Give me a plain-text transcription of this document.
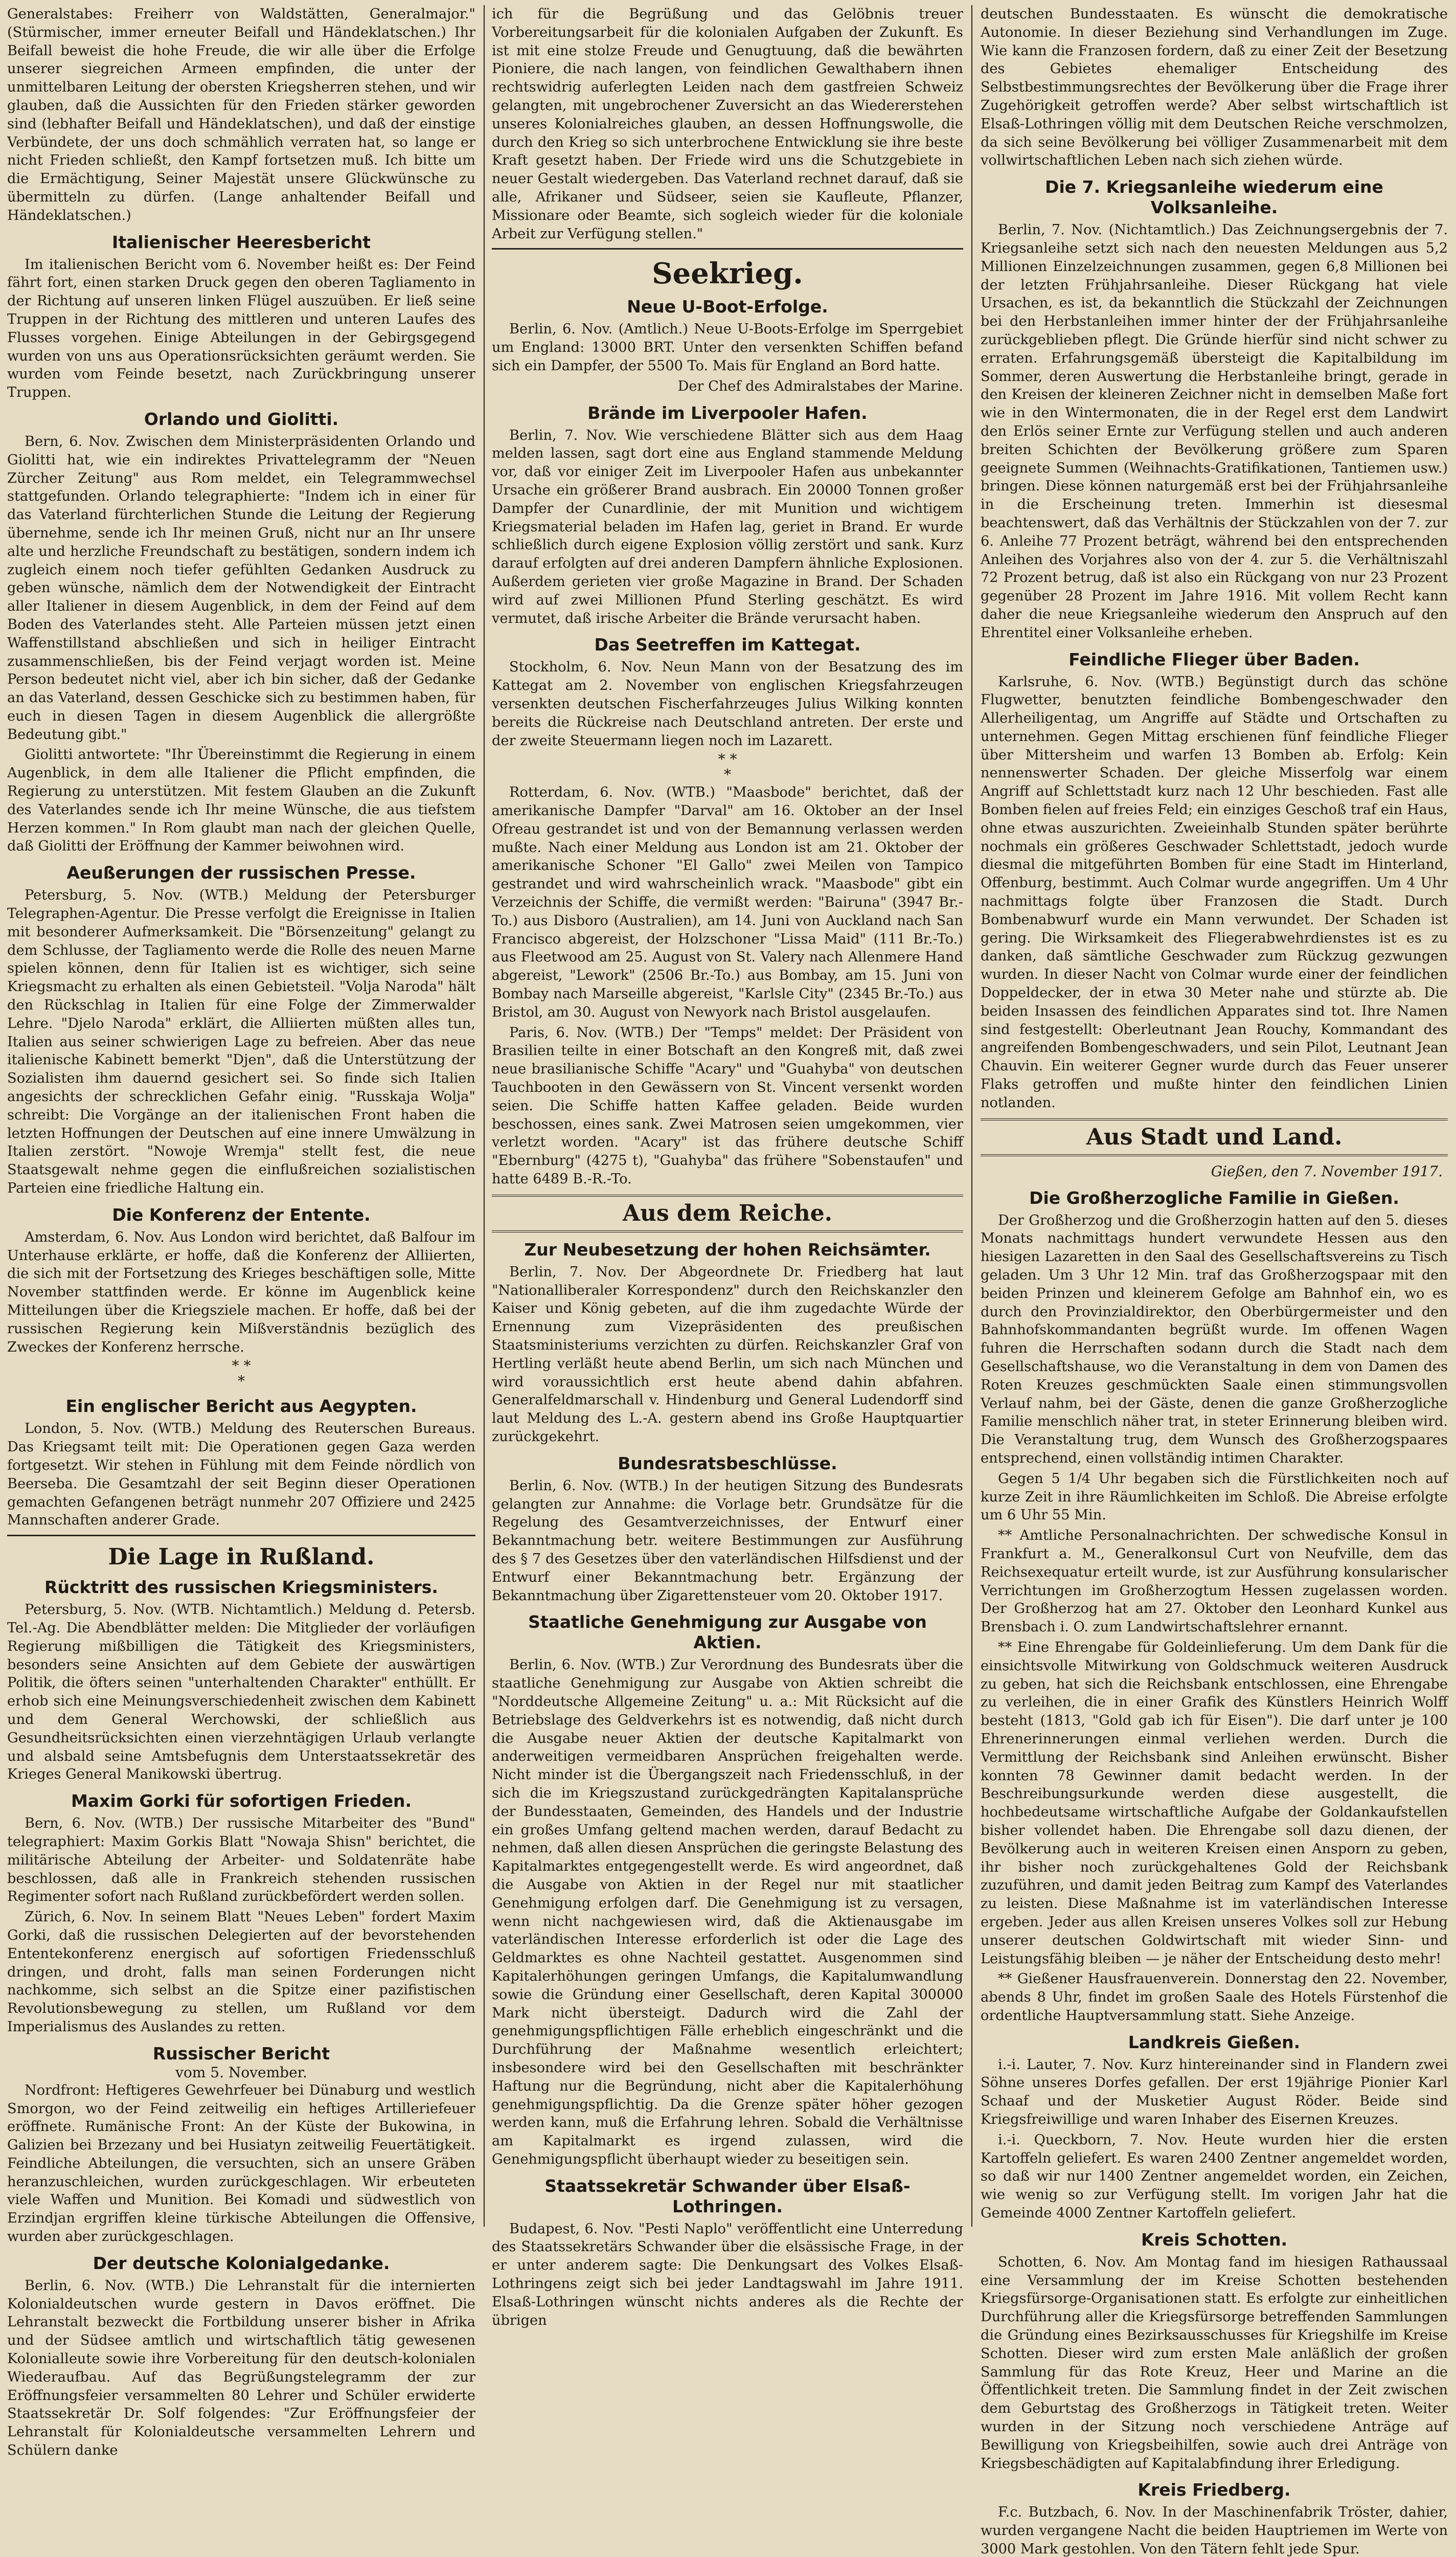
Generalstabes: Freiherr von Waldstätten, Generalmajor." (Stürmischer, immer erneuter Beifall und Händeklatschen.) Ihr Beifall beweist die hohe Freude, die wir alle über die Erfolge unserer siegreichen Armeen empfinden, die unter der unmittelbaren Leitung der obersten Kriegsherren stehen, und wir glauben, daß die Aussichten für den Frieden stärker geworden sind (lebhafter Beifall und Händeklatschen), und daß der einstige Verbündete, der uns doch schmählich verraten hat, so lange er nicht Frieden schließt, den Kampf fortsetzen muß. Ich bitte um die Ermächtigung, Seiner Majestät unsere Glückwünsche zu übermitteln zu dürfen. (Lange anhaltender Beifall und Händeklatschen.)

Italienischer Heeresbericht

Im italienischen Bericht vom 6. November heißt es: Der Feind fährt fort, einen starken Druck gegen den oberen Tagliamento in der Richtung auf unseren linken Flügel auszuüben. Er ließ seine Truppen in der Richtung des mittleren und unteren Laufes des Flusses vorgehen. Einige Abteilungen in der Gebirgsgegend wurden von uns aus Operationsrücksichten geräumt werden. Sie wurden vom Feinde besetzt, nach Zurückbringung unserer Truppen.

Orlando und Giolitti.

Bern, 6. Nov. Zwischen dem Ministerpräsidenten Orlando und Giolitti hat, wie ein indirektes Privattelegramm der "Neuen Zürcher Zeitung" aus Rom meldet, ein Telegrammwechsel stattgefunden. Orlando telegraphierte: "Indem ich in einer für das Vaterland fürchterlichen Stunde die Leitung der Regierung übernehme, sende ich Ihr meinen Gruß, nicht nur an Ihr unsere alte und herzliche Freundschaft zu bestätigen, sondern indem ich zugleich einem noch tiefer gefühlten Gedanken Ausdruck zu geben wünsche, nämlich dem der Notwendigkeit der Eintracht aller Italiener in diesem Augenblick, in dem der Feind auf dem Boden des Vaterlandes steht. Alle Parteien müssen jetzt einen Waffenstillstand abschließen und sich in heiliger Eintracht zusammenschließen, bis der Feind verjagt worden ist. Meine Person bedeutet nicht viel, aber ich bin sicher, daß der Gedanke an das Vaterland, dessen Geschicke sich zu bestimmen haben, für euch in diesen Tagen in diesem Augenblick die allergrößte Bedeutung gibt."

Giolitti antwortete: "Ihr Übereinstimmt die Regierung in einem Augenblick, in dem alle Italiener die Pflicht empfinden, die Regierung zu unterstützen. Mit festem Glauben an die Zukunft des Vaterlandes sende ich Ihr meine Wünsche, die aus tiefstem Herzen kommen." In Rom glaubt man nach der gleichen Quelle, daß Giolitti der Eröffnung der Kammer beiwohnen wird.

Aeußerungen der russischen Presse.

Petersburg, 5. Nov. (WTB.) Meldung der Petersburger Telegraphen-Agentur. Die Presse verfolgt die Ereignisse in Italien mit besonderer Aufmerksamkeit. Die "Börsenzeitung" gelangt zu dem Schlusse, der Tagliamento werde die Rolle des neuen Marne spielen können, denn für Italien ist es wichtiger, sich seine Kriegsmacht zu erhalten als einen Gebietsteil. "Volja Naroda" hält den Rückschlag in Italien für eine Folge der Zimmerwalder Lehre. "Djelo Naroda" erklärt, die Alliierten müßten alles tun, Italien aus seiner schwierigen Lage zu befreien. Aber das neue italienische Kabinett bemerkt "Djen", daß die Unterstützung der Sozialisten ihm dauernd gesichert sei. So finde sich Italien angesichts der schrecklichen Gefahr einig. "Russkaja Wolja" schreibt: Die Vorgänge an der italienischen Front haben die letzten Hoffnungen der Deutschen auf eine innere Umwälzung in Italien zerstört. "Nowoje Wremja" stellt fest, die neue Staatsgewalt nehme gegen die einflußreichen sozialistischen Parteien eine friedliche Haltung ein.

Die Konferenz der Entente.

Amsterdam, 6. Nov. Aus London wird berichtet, daß Balfour im Unterhause erklärte, er hoffe, daß die Konferenz der Alliierten, die sich mit der Fortsetzung des Krieges beschäftigen solle, Mitte November stattfinden werde. Er könne im Augenblick keine Mitteilungen über die Kriegsziele machen. Er hoffe, daß bei der russischen Regierung kein Mißverständnis bezüglich des Zweckes der Konferenz herrsche.

* *
*
Ein englischer Bericht aus Aegypten.

London, 5. Nov. (WTB.) Meldung des Reuterschen Bureaus. Das Kriegsamt teilt mit: Die Operationen gegen Gaza werden fortgesetzt. Wir stehen in Fühlung mit dem Feinde nördlich von Beerseba. Die Gesamtzahl der seit Beginn dieser Operationen gemachten Gefangenen beträgt nunmehr 207 Offiziere und 2425 Mannschaften anderer Grade.

Die Lage in Rußland.
Rücktritt des russischen Kriegsministers.

Petersburg, 5. Nov. (WTB. Nichtamtlich.) Meldung d. Petersb. Tel.-Ag. Die Abendblätter melden: Die Mitglieder der vorläufigen Regierung mißbilligen die Tätigkeit des Kriegsministers, besonders seine Ansichten auf dem Gebiete der auswärtigen Politik, die öfters seinen "unterhaltenden Charakter" enthüllt. Er erhob sich eine Meinungsverschiedenheit zwischen dem Kabinett und dem General Werchowski, der schließlich aus Gesundheitsrücksichten einen vierzehntägigen Urlaub verlangte und alsbald seine Amtsbefugnis dem Unterstaatssekretär des Krieges General Manikowski übertrug.

Maxim Gorki für sofortigen Frieden.

Bern, 6. Nov. (WTB.) Der russische Mitarbeiter des "Bund" telegraphiert: Maxim Gorkis Blatt "Nowaja Shisn" berichtet, die militärische Abteilung der Arbeiter- und Soldatenräte habe beschlossen, daß alle in Frankreich stehenden russischen Regimenter sofort nach Rußland zurückbefördert werden sollen.

Zürich, 6. Nov. In seinem Blatt "Neues Leben" fordert Maxim Gorki, daß die russischen Delegierten auf der bevorstehenden Ententekonferenz energisch auf sofortigen Friedensschluß dringen, und droht, falls man seinen Forderungen nicht nachkomme, sich selbst an die Spitze einer pazifistischen Revolutionsbewegung zu stellen, um Rußland vor dem Imperialismus des Auslandes zu retten.

Russischer Bericht
vom 5. November.

Nordfront: Heftigeres Gewehrfeuer bei Dünaburg und westlich Smorgon, wo der Feind zeitweilig ein heftiges Artilleriefeuer eröffnete. Rumänische Front: An der Küste der Bukowina, in Galizien bei Brzezany und bei Husiatyn zeitweilig Feuertätigkeit. Feindliche Abteilungen, die versuchten, sich an unsere Gräben heranzuschleichen, wurden zurückgeschlagen. Wir erbeuteten viele Waffen und Munition. Bei Komadi und südwestlich von Erzindjan ergriffen kleine türkische Abteilungen die Offensive, wurden aber zurückgeschlagen.

Der deutsche Kolonialgedanke.

Berlin, 6. Nov. (WTB.) Die Lehranstalt für die internierten Kolonialdeutschen wurde gestern in Davos eröffnet. Die Lehranstalt bezweckt die Fortbildung unserer bisher in Afrika und der Südsee amtlich und wirtschaftlich tätig gewesenen Kolonialleute sowie ihre Vorbereitung für den deutsch-kolonialen Wiederaufbau. Auf das Begrüßungstelegramm der zur Eröffnungsfeier versammelten 80 Lehrer und Schüler erwiderte Staatssekretär Dr. Solf folgendes: "Zur Eröffnungsfeier der Lehranstalt für Kolonialdeutsche versammelten Lehrern und Schülern danke

ich für die Begrüßung und das Gelöbnis treuer Vorbereitungsarbeit für die kolonialen Aufgaben der Zukunft. Es ist mit eine stolze Freude und Genugtuung, daß die bewährten Pioniere, die nach langen, von feindlichen Gewalthabern ihnen rechtswidrig auferlegten Leiden nach dem gastfreien Schweiz gelangten, mit ungebrochener Zuversicht an das Wiedererstehen unseres Kolonialreiches glauben, an dessen Hoffnungswolle, die durch den Krieg so sich unterbrochene Entwicklung sie ihre beste Kraft gesetzt haben. Der Friede wird uns die Schutzgebiete in neuer Gestalt wiedergeben. Das Vaterland rechnet darauf, daß sie alle, Afrikaner und Südseer, seien sie Kaufleute, Pflanzer, Missionare oder Beamte, sich sogleich wieder für die koloniale Arbeit zur Verfügung stellen."

Seekrieg.
Neue U-Boot-Erfolge.

Berlin, 6. Nov. (Amtlich.) Neue U-Boots-Erfolge im Sperrgebiet um England: 13000 BRT. Unter den versenkten Schiffen befand sich ein Dampfer, der 5500 To. Mais für England an Bord hatte.

Der Chef des Admiralstabes der Marine.

Brände im Liverpooler Hafen.

Berlin, 7. Nov. Wie verschiedene Blätter sich aus dem Haag melden lassen, sagt dort eine aus England stammende Meldung vor, daß vor einiger Zeit im Liverpooler Hafen aus unbekannter Ursache ein größerer Brand ausbrach. Ein 20000 Tonnen großer Dampfer der Cunardlinie, der mit Munition und wichtigem Kriegsmaterial beladen im Hafen lag, geriet in Brand. Er wurde schließlich durch eigene Explosion völlig zerstört und sank. Kurz darauf erfolgten auf drei anderen Dampfern ähnliche Explosionen. Außerdem gerieten vier große Magazine in Brand. Der Schaden wird auf zwei Millionen Pfund Sterling geschätzt. Es wird vermutet, daß irische Arbeiter die Brände verursacht haben.

Das Seetreffen im Kattegat.

Stockholm, 6. Nov. Neun Mann von der Besatzung des im Kattegat am 2. November von englischen Kriegsfahrzeugen versenkten deutschen Fischerfahrzeuges Julius Wilking konnten bereits die Rückreise nach Deutschland antreten. Der erste und der zweite Steuermann liegen noch im Lazarett.

* *
*

Rotterdam, 6. Nov. (WTB.) "Maasbode" berichtet, daß der amerikanische Dampfer "Darval" am 16. Oktober an der Insel Ofreau gestrandet ist und von der Bemannung verlassen werden mußte. Nach einer Meldung aus London ist am 21. Oktober der amerikanische Schoner "El Gallo" zwei Meilen von Tampico gestrandet und wird wahrscheinlich wrack. "Maasbode" gibt ein Verzeichnis der Schiffe, die vermißt werden: "Bairuna" (3947 Br.-To.) aus Disboro (Australien), am 14. Juni von Auckland nach San Francisco abgereist, der Holzschoner "Lissa Maid" (111 Br.-To.) aus Fleetwood am 25. August von St. Valery nach Allenmere Hand abgereist, "Lework" (2506 Br.-To.) aus Bombay, am 15. Juni von Bombay nach Marseille abgereist, "Karlsle City" (2345 Br.-To.) aus Bristol, am 30. August von Newyork nach Bristol ausgelaufen.

Paris, 6. Nov. (WTB.) Der "Temps" meldet: Der Präsident von Brasilien teilte in einer Botschaft an den Kongreß mit, daß zwei neue brasilianische Schiffe "Acary" und "Guahyba" von deutschen Tauchbooten in den Gewässern von St. Vincent versenkt worden seien. Die Schiffe hatten Kaffee geladen. Beide wurden beschossen, eines sank. Zwei Matrosen seien umgekommen, vier verletzt worden. "Acary" ist das frühere deutsche Schiff "Ebernburg" (4275 t), "Guahyba" das frühere "Sobenstaufen" und hatte 6489 B.-R.-To.

Aus dem Reiche.
Zur Neubesetzung der hohen Reichsämter.

Berlin, 7. Nov. Der Abgeordnete Dr. Friedberg hat laut "Nationalliberaler Korrespondenz" durch den Reichskanzler den Kaiser und König gebeten, auf die ihm zugedachte Würde der Ernennung zum Vizepräsidenten des preußischen Staatsministeriums verzichten zu dürfen. Reichskanzler Graf von Hertling verläßt heute abend Berlin, um sich nach München und wird voraussichtlich erst heute abend dahin abfahren. Generalfeldmarschall v. Hindenburg und General Ludendorff sind laut Meldung des L.-A. gestern abend ins Große Hauptquartier zurückgekehrt.

Bundesratsbeschlüsse.

Berlin, 6. Nov. (WTB.) In der heutigen Sitzung des Bundesrats gelangten zur Annahme: die Vorlage betr. Grundsätze für die Regelung des Gesamtverzeichnisses, der Entwurf einer Bekanntmachung betr. weitere Bestimmungen zur Ausführung des § 7 des Gesetzes über den vaterländischen Hilfsdienst und der Entwurf einer Bekanntmachung betr. Ergänzung der Bekanntmachung über Zigarettensteuer vom 20. Oktober 1917.

Staatliche Genehmigung zur Ausgabe von Aktien.

Berlin, 6. Nov. (WTB.) Zur Verordnung des Bundesrats über die staatliche Genehmigung zur Ausgabe von Aktien schreibt die "Norddeutsche Allgemeine Zeitung" u. a.: Mit Rücksicht auf die Betriebslage des Geldverkehrs ist es notwendig, daß nicht durch die Ausgabe neuer Aktien der deutsche Kapitalmarkt von anderweitigen vermeidbaren Ansprüchen freigehalten werde. Nicht minder ist die Übergangszeit nach Friedensschluß, in der sich die im Kriegszustand zurückgedrängten Kapitalansprüche der Bundesstaaten, Gemeinden, des Handels und der Industrie ein großes Umfang geltend machen werden, darauf Bedacht zu nehmen, daß allen diesen Ansprüchen die geringste Belastung des Kapitalmarktes entgegengestellt werde. Es wird angeordnet, daß die Ausgabe von Aktien in der Regel nur mit staatlicher Genehmigung erfolgen darf. Die Genehmigung ist zu versagen, wenn nicht nachgewiesen wird, daß die Aktienausgabe im vaterländischen Interesse erforderlich ist oder die Lage des Geldmarktes es ohne Nachteil gestattet. Ausgenommen sind Kapitalerhöhungen geringen Umfangs, die Kapitalumwandlung sowie die Gründung einer Gesellschaft, deren Kapital 300000 Mark nicht übersteigt. Dadurch wird die Zahl der genehmigungspflichtigen Fälle erheblich eingeschränkt und die Durchführung der Maßnahme wesentlich erleichtert; insbesondere wird bei den Gesellschaften mit beschränkter Haftung nur die Begründung, nicht aber die Kapitalerhöhung genehmigungspflichtig. Da die Grenze später höher gezogen werden kann, muß die Erfahrung lehren. Sobald die Verhältnisse am Kapitalmarkt es irgend zulassen, wird die Genehmigungspflicht überhaupt wieder zu beseitigen sein.

Staatssekretär Schwander über Elsaß-Lothringen.

Budapest, 6. Nov. "Pesti Naplo" veröffentlicht eine Unterredung des Staatssekretärs Schwander über die elsässische Frage, in der er unter anderem sagte: Die Denkungsart des Volkes Elsaß-Lothringens zeigt sich bei jeder Landtagswahl im Jahre 1911. Elsaß-Lothringen wünscht nichts anderes als die Rechte der übrigen

deutschen Bundesstaaten. Es wünscht die demokratische Autonomie. In dieser Beziehung sind Verhandlungen im Zuge. Wie kann die Franzosen fordern, daß zu einer Zeit der Besetzung des Gebietes ehemaliger Entscheidung des Selbstbestimmungsrechtes der Bevölkerung über die Frage ihrer Zugehörigkeit getroffen werde? Aber selbst wirtschaftlich ist Elsaß-Lothringen völlig mit dem Deutschen Reiche verschmolzen, da sich seine Bevölkerung bei völliger Zusammenarbeit mit dem vollwirtschaftlichen Leben nach sich ziehen würde.

Die 7. Kriegsanleihe wiederum eine Volksanleihe.

Berlin, 7. Nov. (Nichtamtlich.) Das Zeichnungsergebnis der 7. Kriegsanleihe setzt sich nach den neuesten Meldungen aus 5,2 Millionen Einzelzeichnungen zusammen, gegen 6,8 Millionen bei der letzten Frühjahrsanleihe. Dieser Rückgang hat viele Ursachen, es ist, da bekanntlich die Stückzahl der Zeichnungen bei den Herbstanleihen immer hinter der der Frühjahrsanleihe zurückgeblieben pflegt. Die Gründe hierfür sind nicht schwer zu erraten. Erfahrungsgemäß übersteigt die Kapitalbildung im Sommer, deren Auswertung die Herbstanleihe bringt, gerade in den Kreisen der kleineren Zeichner nicht in demselben Maße fort wie in den Wintermonaten, die in der Regel erst dem Landwirt den Erlös seiner Ernte zur Verfügung stellen und auch anderen breiten Schichten der Bevölkerung größere zum Sparen geeignete Summen (Weihnachts-Gratifikationen, Tantiemen usw.) bringen. Diese können naturgemäß erst bei der Frühjahrsanleihe in die Erscheinung treten. Immerhin ist diesesmal beachtenswert, daß das Verhältnis der Stückzahlen von der 7. zur 6. Anleihe 77 Prozent beträgt, während bei den entsprechenden Anleihen des Vorjahres also von der 4. zur 5. die Verhältniszahl 72 Prozent betrug, daß ist also ein Rückgang von nur 23 Prozent gegenüber 28 Prozent im Jahre 1916. Mit vollem Recht kann daher die neue Kriegsanleihe wiederum den Anspruch auf den Ehrentitel einer Volksanleihe erheben.

Feindliche Flieger über Baden.

Karlsruhe, 6. Nov. (WTB.) Begünstigt durch das schöne Flugwetter, benutzten feindliche Bombengeschwader den Allerheiligentag, um Angriffe auf Städte und Ortschaften zu unternehmen. Gegen Mittag erschienen fünf feindliche Flieger über Mittersheim und warfen 13 Bomben ab. Erfolg: Kein nennenswerter Schaden. Der gleiche Misserfolg war einem Angriff auf Schlettstadt kurz nach 12 Uhr beschieden. Fast alle Bomben fielen auf freies Feld; ein einziges Geschoß traf ein Haus, ohne etwas auszurichten. Zweieinhalb Stunden später berührte nochmals ein größeres Geschwader Schlettstadt, jedoch wurde diesmal die mitgeführten Bomben für eine Stadt im Hinterland, Offenburg, bestimmt. Auch Colmar wurde angegriffen. Um 4 Uhr nachmittags folgte über Franzosen die Stadt. Durch Bombenabwurf wurde ein Mann verwundet. Der Schaden ist gering. Die Wirksamkeit des Fliegerabwehrdienstes ist es zu danken, daß sämtliche Geschwader zum Rückzug gezwungen wurden. In dieser Nacht von Colmar wurde einer der feindlichen Doppeldecker, der in etwa 30 Meter nahe und stürzte ab. Die beiden Insassen des feindlichen Apparates sind tot. Ihre Namen sind festgestellt: Oberleutnant Jean Rouchy, Kommandant des angreifenden Bombengeschwaders, und sein Pilot, Leutnant Jean Chauvin. Ein weiterer Gegner wurde durch das Feuer unserer Flaks getroffen und mußte hinter den feindlichen Linien notlanden.

Aus Stadt und Land.
Gießen, den 7. November 1917.
Die Großherzogliche Familie in Gießen.

Der Großherzog und die Großherzogin hatten auf den 5. dieses Monats nachmittags hundert verwundete Hessen aus den hiesigen Lazaretten in den Saal des Gesellschaftsvereins zu Tisch geladen. Um 3 Uhr 12 Min. traf das Großherzogspaar mit den beiden Prinzen und kleinerem Gefolge am Bahnhof ein, wo es durch den Provinzialdirektor, den Oberbürgermeister und den Bahnhofskommandanten begrüßt wurde. Im offenen Wagen fuhren die Herrschaften sodann durch die Stadt nach dem Gesellschaftshause, wo die Veranstaltung in dem von Damen des Roten Kreuzes geschmückten Saale einen stimmungsvollen Verlauf nahm, bei der Gäste, denen die ganze Großherzogliche Familie menschlich näher trat, in steter Erinnerung bleiben wird. Die Veranstaltung trug, dem Wunsch des Großherzogspaares entsprechend, einen vollständig intimen Charakter.

Gegen 5 1/4 Uhr begaben sich die Fürstlichkeiten noch auf kurze Zeit in ihre Räumlichkeiten im Schloß. Die Abreise erfolgte um 6 Uhr 55 Min.

** Amtliche Personalnachrichten. Der schwedische Konsul in Frankfurt a. M., Generalkonsul Curt von Neufville, dem das Reichsexequatur erteilt wurde, ist zur Ausführung konsularischer Verrichtungen im Großherzogtum Hessen zugelassen worden. Der Großherzog hat am 27. Oktober den Leonhard Kunkel aus Brensbach i. O. zum Landwirtschaftslehrer ernannt.

** Eine Ehrengabe für Goldeinlieferung. Um dem Dank für die einsichtsvolle Mitwirkung von Goldschmuck weiteren Ausdruck zu geben, hat sich die Reichsbank entschlossen, eine Ehrengabe zu verleihen, die in einer Grafik des Künstlers Heinrich Wolff besteht (1813, "Gold gab ich für Eisen"). Die darf unter je 100 Ehrenerinnerungen einmal verliehen werden. Durch die Vermittlung der Reichsbank sind Anleihen erwünscht. Bisher konnten 78 Gewinner damit bedacht werden. In der Beschreibungsurkunde werden diese ausgestellt, die hochbedeutsame wirtschaftliche Aufgabe der Goldankaufstellen bisher vollendet haben. Die Ehrengabe soll dazu dienen, der Bevölkerung auch in weiteren Kreisen einen Ansporn zu geben, ihr bisher noch zurückgehaltenes Gold der Reichsbank zuzuführen, und damit jeden Beitrag zum Kampf des Vaterlandes zu leisten. Diese Maßnahme ist im vaterländischen Interesse ergeben. Jeder aus allen Kreisen unseres Volkes soll zur Hebung unserer deutschen Goldwirtschaft mit wieder Sinn- und Leistungsfähig bleiben — je näher der Entscheidung desto mehr!

** Gießener Hausfrauenverein. Donnerstag den 22. November, abends 8 Uhr, findet im großen Saale des Hotels Fürstenhof die ordentliche Hauptversammlung statt. Siehe Anzeige.

Landkreis Gießen.

i.-i. Lauter, 7. Nov. Kurz hintereinander sind in Flandern zwei Söhne unseres Dorfes gefallen. Der erst 19jährige Pionier Karl Schaaf und der Musketier August Röder. Beide sind Kriegsfreiwillige und waren Inhaber des Eisernen Kreuzes.

i.-i. Queckborn, 7. Nov. Heute wurden hier die ersten Kartoffeln geliefert. Es waren 2400 Zentner angemeldet worden, so daß wir nur 1400 Zentner angemeldet worden, ein Zeichen, wie wenig so zur Verfügung stellt. Im vorigen Jahr hat die Gemeinde 4000 Zentner Kartoffeln geliefert.

Kreis Schotten.

Schotten, 6. Nov. Am Montag fand im hiesigen Rathaussaal eine Versammlung der im Kreise Schotten bestehenden Kriegsfürsorge-Organisationen statt. Es erfolgte zur einheitlichen Durchführung aller die Kriegsfürsorge betreffenden Sammlungen die Gründung eines Bezirksausschusses für Kriegshilfe im Kreise Schotten. Dieser wird zum ersten Male anläßlich der großen Sammlung für das Rote Kreuz, Heer und Marine an die Öffentlichkeit treten. Die Sammlung findet in der Zeit zwischen dem Geburtstag des Großherzogs in Tätigkeit treten. Weiter wurden in der Sitzung noch verschiedene Anträge auf Bewilligung von Kriegsbeihilfen, sowie auch drei Anträge von Kriegsbeschädigten auf Kapitalabfindung ihrer Erledigung.

Kreis Friedberg.

F.c. Butzbach, 6. Nov. In der Maschinenfabrik Tröster, dahier, wurden vergangene Nacht die beiden Hauptriemen im Werte von 3000 Mark gestohlen. Von den Tätern fehlt jede Spur.
